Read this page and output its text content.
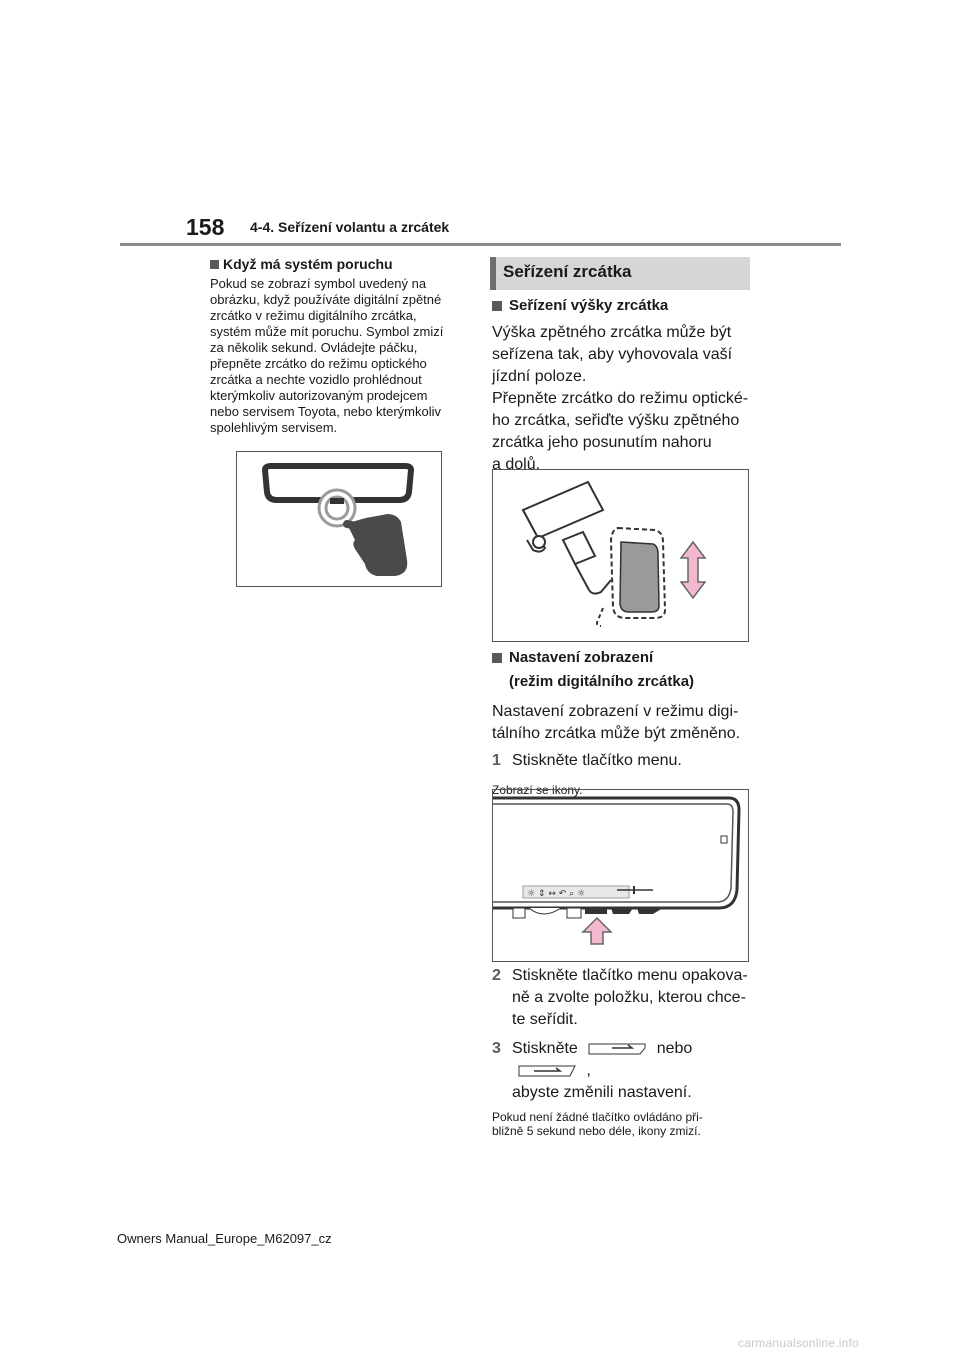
158 4-4. Seřízení volantu a zrcátek
Když má systém poruchu
Pokud se zobrazí symbol uvedený na
obrázku, když používáte digitální zpětné
zrcátko v režimu digitálního zrcátka,
systém může mít poruchu. Symbol zmizí
za několik sekund. Ovládejte páčku,
přepněte zrcátko do režimu optického
zrcátka a nechte vozidlo prohlédnout
kterýmkoliv autorizovaným prodejcem
nebo servisem Toyota, nebo kterýmkoliv
spolehlivým servisem.
Seřízení zrcátka
Seřízení výšky zrcátka
Výška zpětného zrcátka může být
seřízena tak, aby vyhovovala vaší
jízdní poloze.
Přepněte zrcátko do režimu optické-
ho zrcátka, seřiďte výšku zpětného
zrcátka jeho posunutím nahoru
a dolů.
Nastavení zobrazení
(režim digitálního zrcátka)
Nastavení zobrazení v režimu digi-
tálního zrcátka může být změněno.
1 Stiskněte tlačítko menu.
Zobrazí se ikony.
☼ ⇕ ↔ ↶ ⌕ ☼
2 Stiskněte tlačítko menu opakova-
ně a zvolte položku, kterou chce-
te seřídit.
3 Stiskněte	nebo  ,
abyste změnili nastavení.
Pokud není žádné tlačítko ovládáno při-
bližně 5 sekund nebo déle, ikony zmizí.
Owners Manual_Europe_M62097_cz
carmanualsonline.info
